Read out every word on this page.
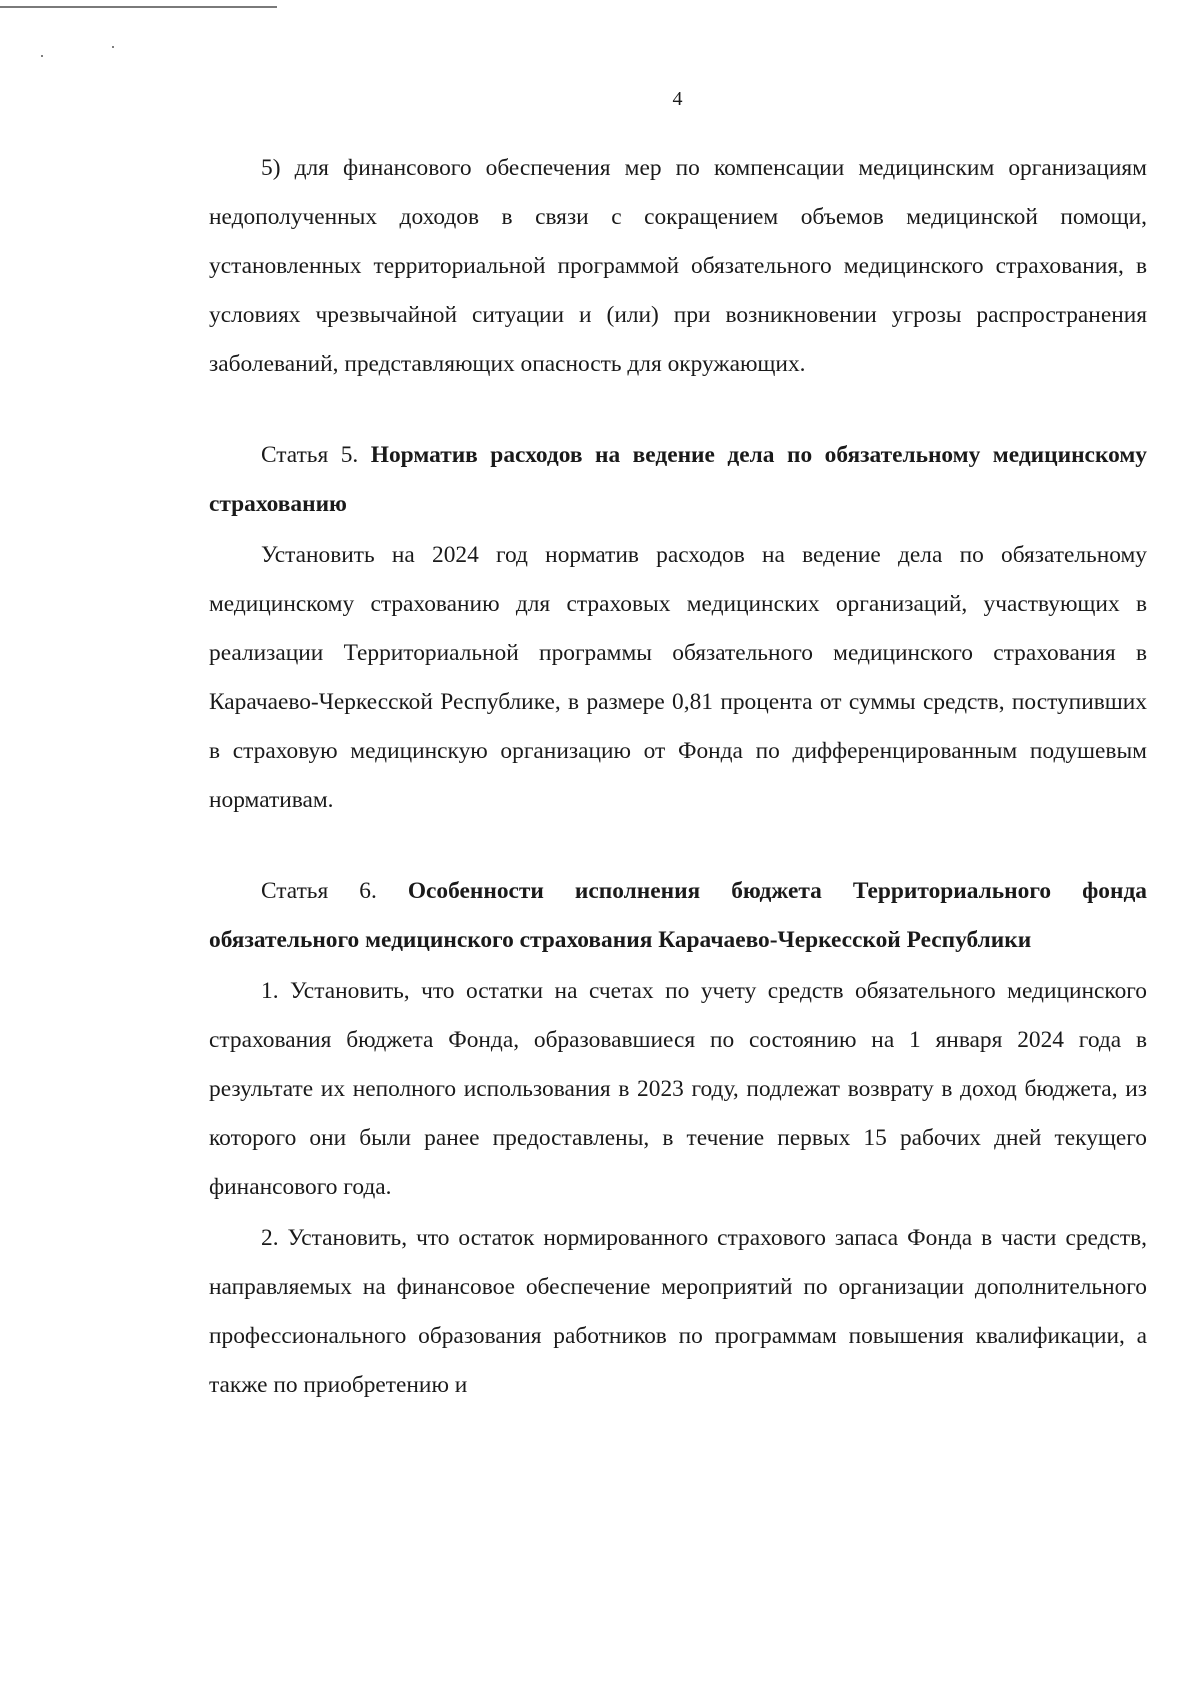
4

5) для финансового обеспечения мер по компенсации медицинским организациям недополученных доходов в связи с сокращением объемов медицинской помощи, установленных территориальной программой обязательного медицинского страхования, в условиях чрезвычайной ситуации и (или) при возникновении угрозы распространения заболеваний, представляющих опасность для окружающих.

Статья 5. Норматив расходов на ведение дела по обязательному медицинскому страхованию

Установить на 2024 год норматив расходов на ведение дела по обязательному медицинскому страхованию для страховых медицинских организаций, участвующих в реализации Территориальной программы обязательного медицинского страхования в Карачаево-Черкесской Республике, в размере 0,81 процента от суммы средств, поступивших в страховую медицинскую организацию от Фонда по дифференцированным подушевым нормативам.

Статья 6. Особенности исполнения бюджета Территориального фонда обязательного медицинского страхования Карачаево-Черкесской Республики

1. Установить, что остатки на счетах по учету средств обязательного медицинского страхования бюджета Фонда, образовавшиеся по состоянию на 1 января 2024 года в результате их неполного использования в 2023 году, подлежат возврату в доход бюджета, из которого они были ранее предоставлены, в течение первых 15 рабочих дней текущего финансового года.

2. Установить, что остаток нормированного страхового запаса Фонда в части средств, направляемых на финансовое обеспечение мероприятий по организации дополнительного профессионального образования работников по программам повышения квалификации, а также по приобретению и
